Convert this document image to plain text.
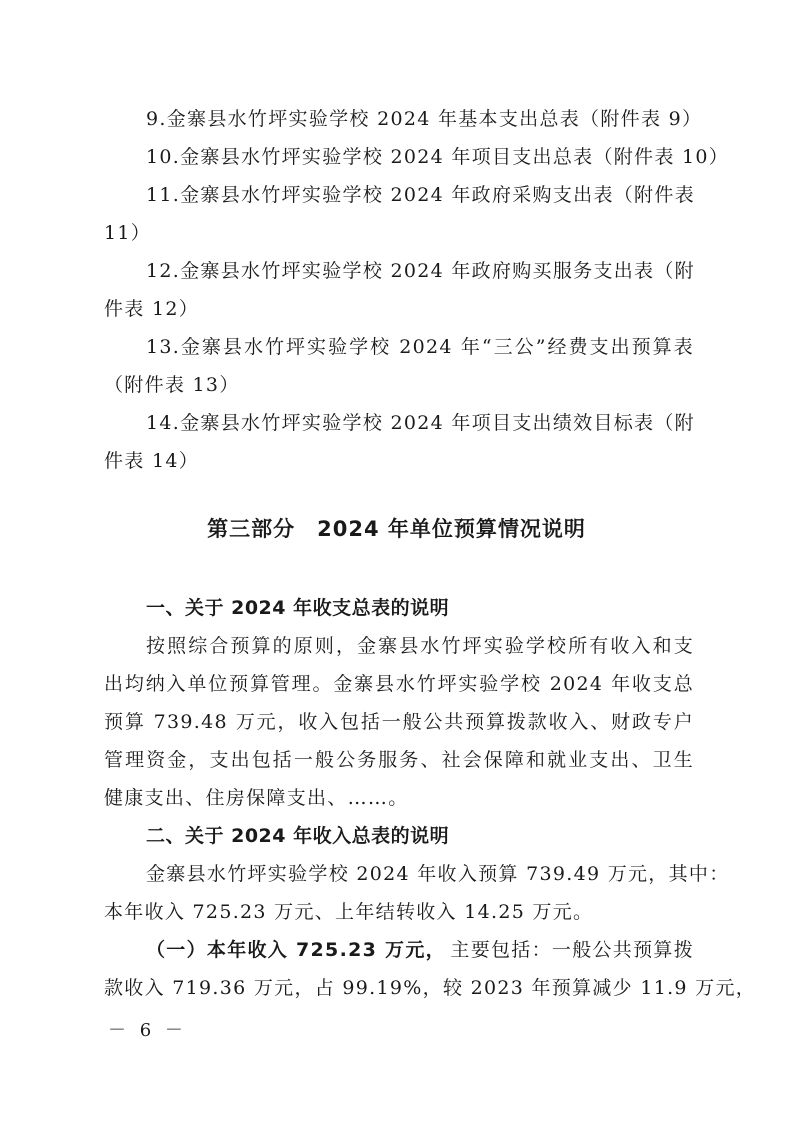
9.金寨县水竹坪实验学校 2024 年基本支出总表（附件表 9）
10.金寨县水竹坪实验学校 2024 年项目支出总表（附件表 10）
11.金寨县水竹坪实验学校 2024 年政府采购支出表（附件表
11）
12.金寨县水竹坪实验学校 2024 年政府购买服务支出表（附
件表 12）
13.金寨县水竹坪实验学校 2024 年“三公”经费支出预算表
（附件表 13）
14.金寨县水竹坪实验学校 2024 年项目支出绩效目标表（附
件表 14）
第三部分　2024 年单位预算情况说明
一、关于 2024 年收支总表的说明
按照综合预算的原则，金寨县水竹坪实验学校所有收入和支
出均纳入单位预算管理。金寨县水竹坪实验学校 2024 年收支总
预算 739.48 万元，收入包括一般公共预算拨款收入、财政专户
管理资金，支出包括一般公务服务、社会保障和就业支出、卫生
健康支出、住房保障支出、……。
二、关于 2024 年收入总表的说明
金寨县水竹坪实验学校 2024 年收入预算 739.49 万元，其中：
本年收入 725.23 万元、上年结转收入 14.25 万元。
（一）本年收入 725.23 万元， 主要包括：一般公共预算拨
款收入 719.36 万元，占 99.19%，较 2023 年预算减少 11.9 万元，
－ 6 －
